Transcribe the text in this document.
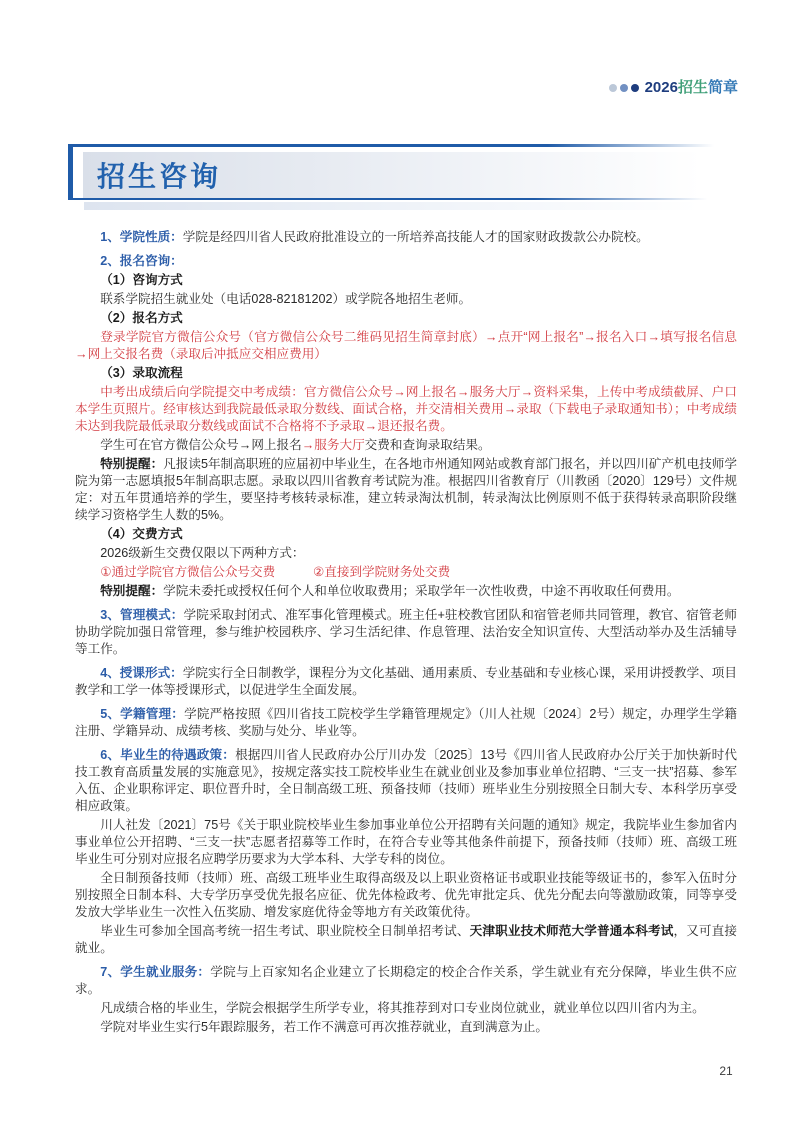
2026 招生 简章
招生咨询

1、学院性质：学院是经四川省人民政府批准设立的一所培养高技能人才的国家财政拨款公办院校。

2、报名咨询：

（1）咨询方式

联系学院招生就业处（电话028-82181202）或学院各地招生老师。

（2）报名方式

登录学院官方微信公众号（官方微信公众号二维码见招生简章封底）→点开“网上报名”→报名入口→填写报名信息→网上交报名费（录取后冲抵应交相应费用）

（3）录取流程

中考出成绩后向学院提交中考成绩：官方微信公众号→网上报名→服务大厅→资料采集，上传中考成绩截屏、户口本学生页照片。经审核达到我院最低录取分数线、面试合格，并交清相关费用→录取（下载电子录取通知书）；中考成绩未达到我院最低录取分数线或面试不合格将不予录取→退还报名费。

学生可在官方微信公众号→网上报名→服务大厅交费和查询录取结果。

特别提醒：凡报读5年制高职班的应届初中毕业生，在各地市州通知网站或教育部门报名，并以四川矿产机电技师学院为第一志愿填报5年制高职志愿。录取以四川省教育考试院为准。根据四川省教育厅（川教函〔2020〕129号）文件规定：对五年贯通培养的学生，要坚持考核转录标准，建立转录淘汰机制，转录淘汰比例原则不低于获得转录高职阶段继续学习资格学生人数的5%。

（4）交费方式

2026级新生交费仅限以下两种方式：

①通过学院官方微信公众号交费　　　②直接到学院财务处交费

特别提醒：学院未委托或授权任何个人和单位收取费用；采取学年一次性收费，中途不再收取任何费用。

3、管理模式：学院采取封闭式、准军事化管理模式。班主任+驻校教官团队和宿管老师共同管理，教官、宿管老师协助学院加强日常管理，参与维护校园秩序、学习生活纪律、作息管理、法治安全知识宣传、大型活动举办及生活辅导等工作。

4、授课形式：学院实行全日制教学，课程分为文化基础、通用素质、专业基础和专业核心课，采用讲授教学、项目教学和工学一体等授课形式，以促进学生全面发展。

5、学籍管理：学院严格按照《四川省技工院校学生学籍管理规定》（川人社规〔2024〕2号）规定，办理学生学籍注册、学籍异动、成绩考核、奖励与处分、毕业等。

6、毕业生的待遇政策：根据四川省人民政府办公厅川办发〔2025〕13号《四川省人民政府办公厅关于加快新时代技工教育高质量发展的实施意见》，按规定落实技工院校毕业生在就业创业及参加事业单位招聘、“三支一扶”招募、参军入伍、企业职称评定、职位晋升时，全日制高级工班、预备技师（技师）班毕业生分别按照全日制大专、本科学历享受相应政策。

川人社发〔2021〕75号《关于职业院校毕业生参加事业单位公开招聘有关问题的通知》规定，我院毕业生参加省内事业单位公开招聘、“三支一扶”志愿者招募等工作时，在符合专业等其他条件前提下，预备技师（技师）班、高级工班毕业生可分别对应报名应聘学历要求为大学本科、大学专科的岗位。

全日制预备技师（技师）班、高级工班毕业生取得高级及以上职业资格证书或职业技能等级证书的，参军入伍时分别按照全日制本科、大专学历享受优先报名应征、优先体检政考、优先审批定兵、优先分配去向等激励政策，同等享受发放大学毕业生一次性入伍奖励、增发家庭优待金等地方有关政策优待。

毕业生可参加全国高考统一招生考试、职业院校全日制单招考试、天津职业技术师范大学普通本科考试，又可直接就业。

7、学生就业服务：学院与上百家知名企业建立了长期稳定的校企合作关系，学生就业有充分保障，毕业生供不应求。

凡成绩合格的毕业生，学院会根据学生所学专业，将其推荐到对口专业岗位就业，就业单位以四川省内为主。

学院对毕业生实行5年跟踪服务，若工作不满意可再次推荐就业，直到满意为止。

21
